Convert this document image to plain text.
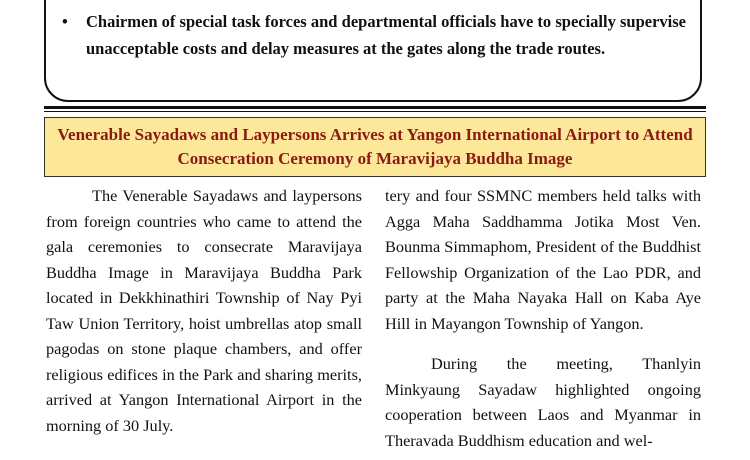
•	Chairmen of special task forces and departmental officials have to specially supervise unacceptable costs and delay measures at the gates along the trade routes.
Venerable Sayadaws and Laypersons Arrives at Yangon International Airport to Attend Consecration Ceremony of Maravijaya Buddha Image

The Venerable Sayadaws and laypersons from foreign countries who came to attend the gala ceremonies to consecrate Maravijaya Buddha Image in Maravijaya Buddha Park located in Dekkhinathiri Township of Nay Pyi Taw Union Territory, hoist umbrellas atop small pagodas on stone plaque chambers, and offer religious edifices in the Park and sharing merits, arrived at Yangon International Airport in the morning of 30 July.

tery and four SSMNC members held talks with Agga Maha Saddhamma Jotika Most Ven. Bounma Simmaphom, President of the Buddhist Fellowship Organization of the Lao PDR, and party at the Maha Nayaka Hall on Kaba Aye Hill in Mayangon Township of Yangon.

During the meeting, Thanlyin Minkyaung Sayadaw highlighted ongoing cooperation between Laos and Myanmar in Theravada Buddhism education and wel-
